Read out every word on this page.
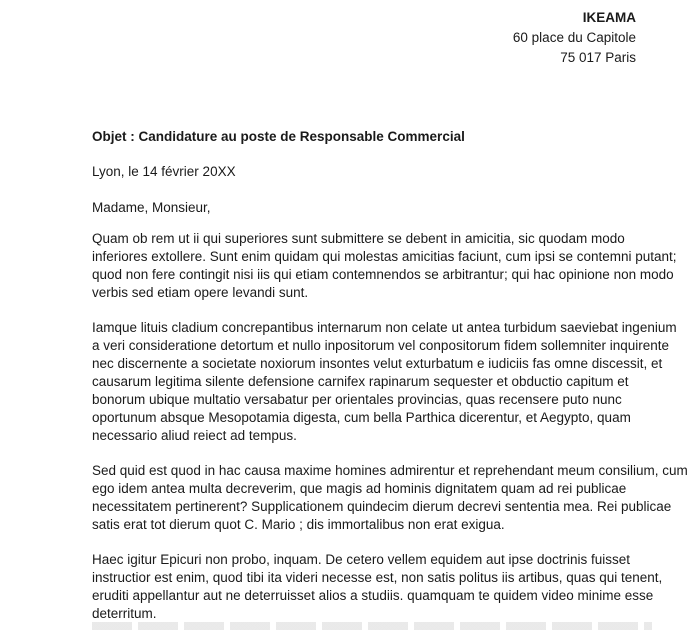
IKEAMA
60 place du Capitole
75 017 Paris
Objet : Candidature au poste de Responsable Commercial
Lyon, le 14 février 20XX
Madame, Monsieur,

Quam ob rem ut ii qui superiores sunt submittere se debent in amicitia, sic quodam modo
inferiores extollere. Sunt enim quidam qui molestas amicitias faciunt, cum ipsi se contemni putant;
quod non fere contingit nisi iis qui etiam contemnendos se arbitrantur; qui hac opinione non modo
verbis sed etiam opere levandi sunt.

Iamque lituis cladium concrepantibus internarum non celate ut antea turbidum saeviebat ingenium
a veri consideratione detortum et nullo inpositorum vel conpositorum fidem sollemniter inquirente
nec discernente a societate noxiorum insontes velut exturbatum e iudiciis fas omne discessit, et
causarum legitima silente defensione carnifex rapinarum sequester et obductio capitum et
bonorum ubique multatio versabatur per orientales provincias, quas recensere puto nunc
oportunum absque Mesopotamia digesta, cum bella Parthica dicerentur, et Aegypto, quam
necessario aliud reiect ad tempus.

Sed quid est quod in hac causa maxime homines admirentur et reprehendant meum consilium, cum
ego idem antea multa decreverim, que magis ad hominis dignitatem quam ad rei publicae
necessitatem pertinerent? Supplicationem quindecim dierum decrevi sententia mea. Rei publicae
satis erat tot dierum quot C. Mario ; dis immortalibus non erat exigua.

Haec igitur Epicuri non probo, inquam. De cetero vellem equidem aut ipse doctrinis fuisset
instructior est enim, quod tibi ita videri necesse est, non satis politus iis artibus, quas qui tenent,
eruditi appellantur aut ne deterruisset alios a studiis. quamquam te quidem video minime esse
deterritum.
